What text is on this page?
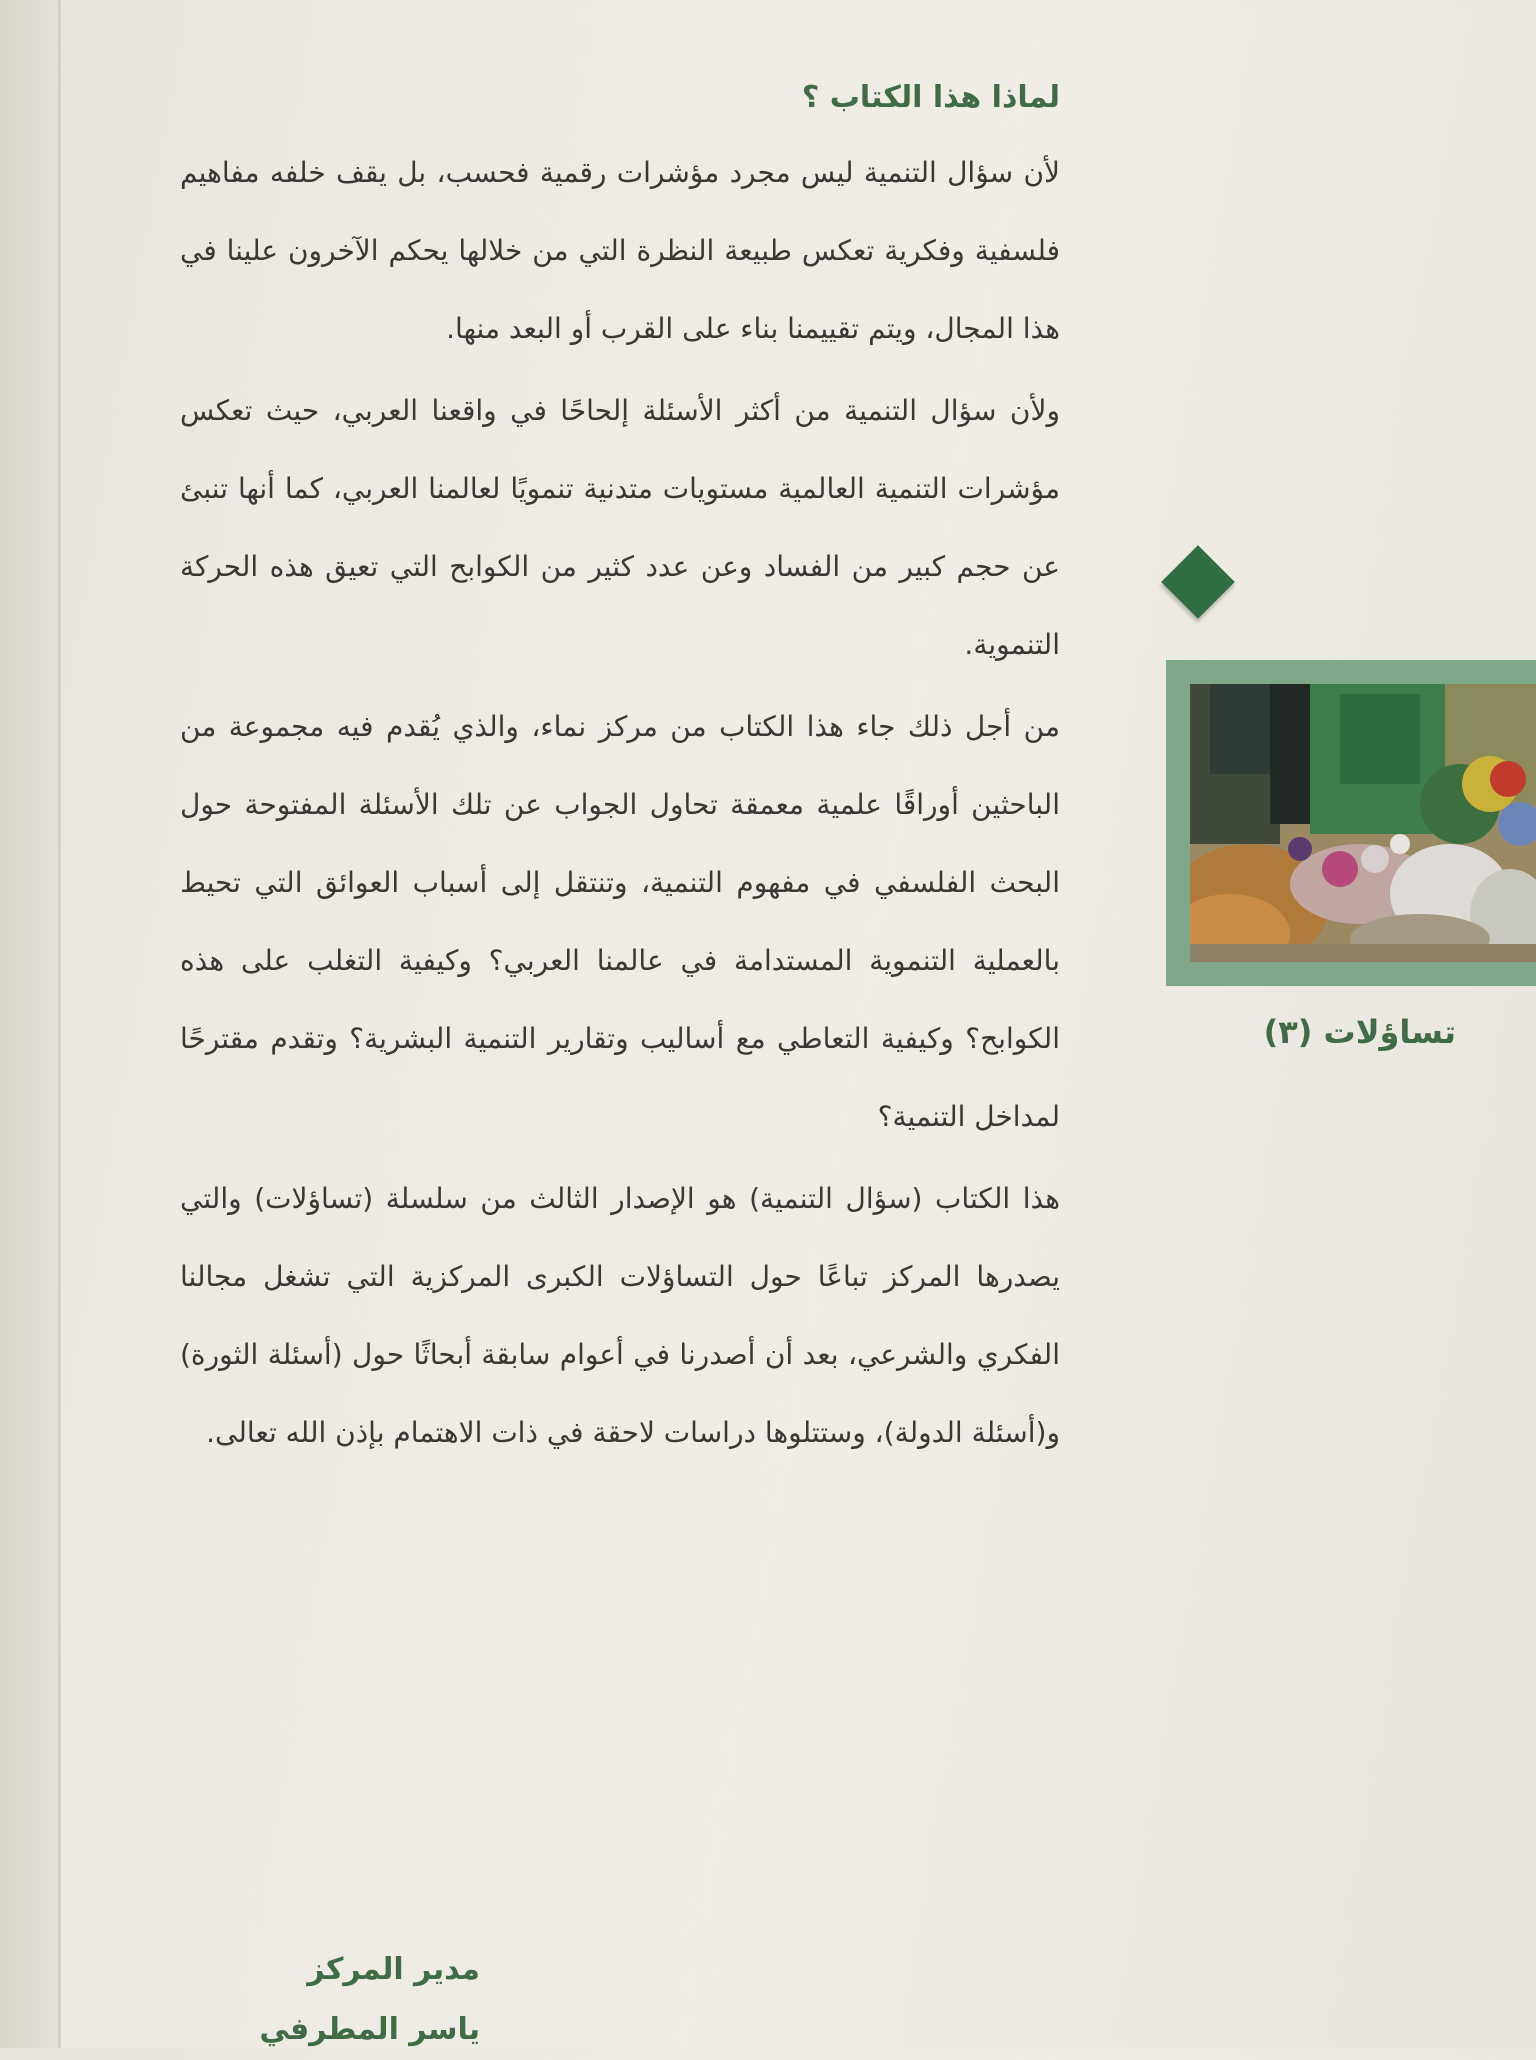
لماذا هذا الكتاب ؟
لأن سؤال التنمية ليس مجرد مؤشرات رقمية فحسب، بل يقف خلفه مفاهيم فلسفية وفكرية تعكس طبيعة النظرة التي من خلالها يحكم الآخرون علينا في هذا المجال، ويتم تقييمنا بناء على القرب أو البعد منها.
ولأن سؤال التنمية من أكثر الأسئلة إلحاحًا في واقعنا العربي، حيث تعكس مؤشرات التنمية العالمية مستويات متدنية تنمويًا لعالمنا العربي، كما أنها تنبئ عن حجم كبير من الفساد وعن عدد كثير من الكوابح التي تعيق هذه الحركة التنموية.
من أجل ذلك جاء هذا الكتاب من مركز نماء، والذي يُقدم فيه مجموعة من الباحثين أوراقًا علمية معمقة تحاول الجواب عن تلك الأسئلة المفتوحة حول البحث الفلسفي في مفهوم التنمية، وتنتقل إلى أسباب العوائق التي تحيط بالعملية التنموية المستدامة في عالمنا العربي؟ وكيفية التغلب على هذه الكوابح؟ وكيفية التعاطي مع أساليب وتقارير التنمية البشرية؟ وتقدم مقترحًا لمداخل التنمية؟
هذا الكتاب (سؤال التنمية) هو الإصدار الثالث من سلسلة (تساؤلات) والتي يصدرها المركز تباعًا حول التساؤلات الكبرى المركزية التي تشغل مجالنا الفكري والشرعي، بعد أن أصدرنا في أعوام سابقة أبحاثًا حول (أسئلة الثورة) و(أسئلة الدولة)، وستتلوها دراسات لاحقة في ذات الاهتمام بإذن الله تعالى.
مدير المركز
ياسر المطرفي
تساؤلات (٣)
